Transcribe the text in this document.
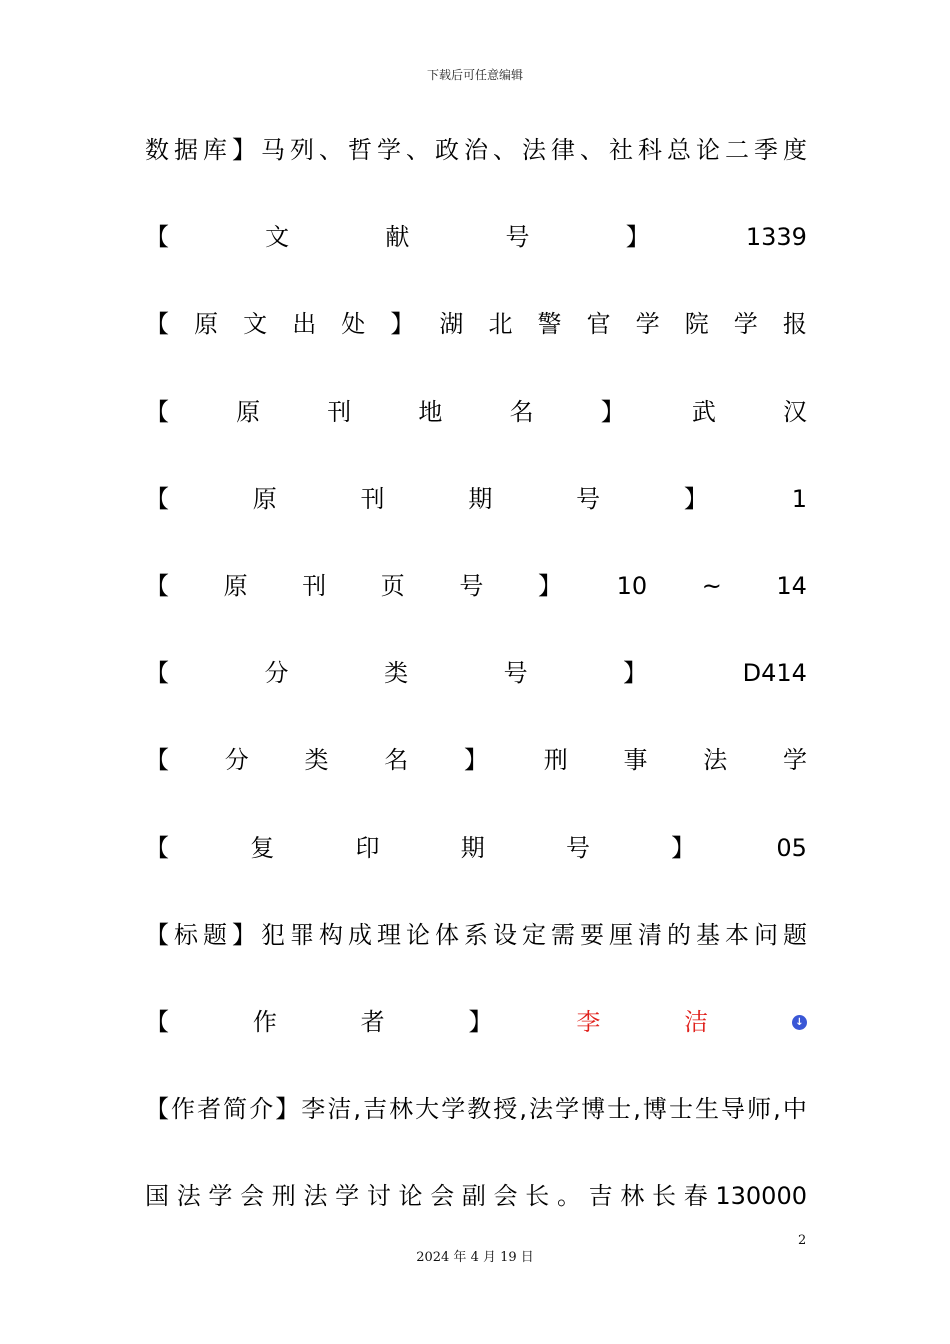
下载后可任意编辑
数 据 库 】 马 列 、 哲 学 、 政 治 、 法 律 、 社 科 总 论 二 季 度
【	文	献	号	】	1339
【 原 文 出 处 】 湖 北 警 官 学 院 学 报
【	原	刊	地	名	】	武	汉
【	原	刊	期	号	】	1
【 原 刊 页 号 】 10 ~ 14
【	分	类	号	】	D414
【 分 类 名 】 刑 事 法 学
【	复	印	期	号	】	05
【 标 题 】 犯 罪 构 成 理 论 体 系 设 定 需 要 厘 清 的 基 本 问 题
【	作	者	】	李	洁	↓
【 作 者 简 介 】 李 洁 , 吉 林 大 学 教 授 , 法 学 博 士 , 博 士 生 导 师 , 中
国 法 学 会 刑 法 学 讨 论 会 副 会 长 。 吉 林 长 春 130000
2
2024 年 4 月 19 日
